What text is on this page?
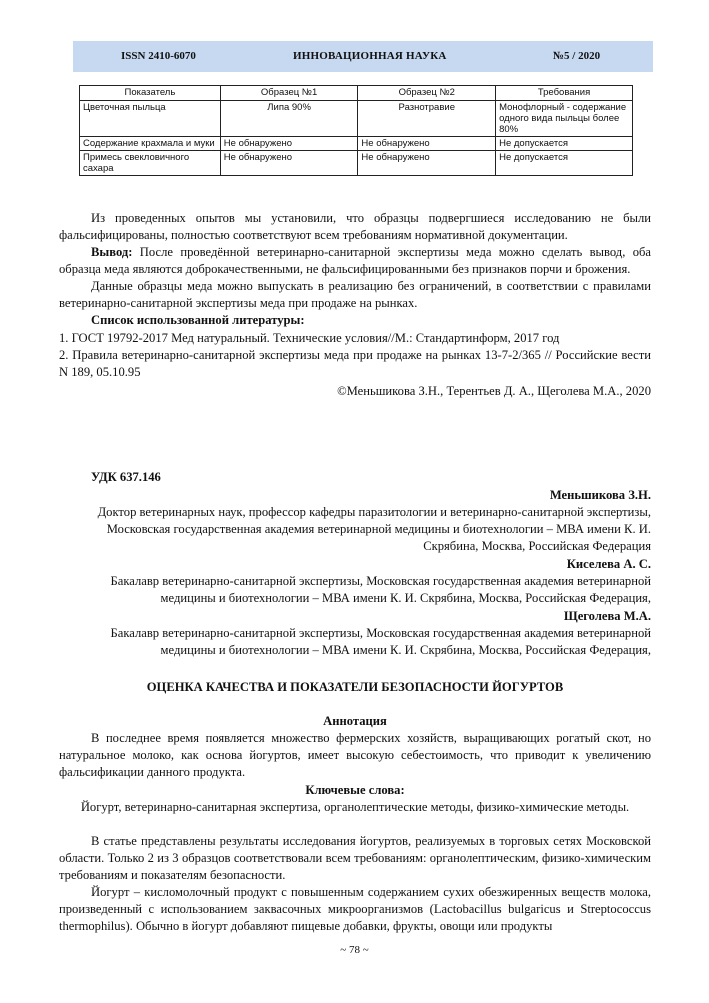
ISSN 2410-6070	ИННОВАЦИОННАЯ НАУКА	№5 / 2020
Показатель	Образец №1	Образец №2	Требования
Цветочная пыльца	Липа 90%	Разнотравие	Монофлорный - содержание одного вида пыльцы более 80%
Содержание крахмала и муки	Не обнаружено	Не обнаружено	Не допускается
Примесь свекловичного сахара	Не обнаружено	Не обнаружено	Не допускается
Из проведенных опытов мы установили, что образцы подвергшиеся исследованию не были фальсифицированы, полностью соответствуют всем требованиям нормативной документации.
Вывод: После проведённой ветеринарно-санитарной экспертизы меда можно сделать вывод, оба образца меда являются доброкачественными, не фальсифицированными без признаков порчи и брожения.
Данные образцы меда можно выпускать в реализацию без ограничений, в соответствии с правилами ветеринарно-санитарной экспертизы меда при продаже на рынках.
Список использованной литературы:
1. ГОСТ 19792-2017 Мед натуральный. Технические условия//М.: Стандартинформ, 2017 год
2. Правила ветеринарно-санитарной экспертизы меда при продаже на рынках 13-7-2/365 // Российские вести N 189, 05.10.95
©Меньшикова З.Н., Терентьев Д. А., Щеголева М.А., 2020
УДК 637.146
Меньшикова З.Н.
Доктор ветеринарных наук, профессор кафедры паразитологии и ветеринарно-санитарной экспертизы, Московская государственная академия ветеринарной медицины и биотехнологии – МВА имени К. И. Скрябина, Москва, Российская Федерация
Киселева А. С.
Бакалавр ветеринарно-санитарной экспертизы, Московская государственная академия ветеринарной медицины и биотехнологии – МВА имени К. И. Скрябина, Москва, Российская Федерация,
Щеголева М.А.
Бакалавр ветеринарно-санитарной экспертизы, Московская государственная академия ветеринарной медицины и биотехнологии – МВА имени К. И. Скрябина, Москва, Российская Федерация,
ОЦЕНКА КАЧЕСТВА И ПОКАЗАТЕЛИ БЕЗОПАСНОСТИ ЙОГУРТОВ
Аннотация
В последнее время появляется множество фермерских хозяйств, выращивающих рогатый скот, но натуральное молоко, как основа йогуртов, имеет высокую себестоимость, что приводит к увеличению фальсификации данного продукта.
Ключевые слова:
Йогурт, ветеринарно-санитарная экспертиза, органолептические методы, физико-химические методы.
В статье представлены результаты исследования йогуртов, реализуемых в торговых сетях Московской области. Только 2 из 3 образцов соответствовали всем требованиям: органолептическим, физико-химическим требованиям и показателям безопасности.
Йогурт – кисломолочный продукт с повышенным содержанием сухих обезжиренных веществ молока, произведенный с использованием заквасочных микроорганизмов (Lactobacillus bulgaricus и Streptococcus thermophilus). Обычно в йогурт добавляют пищевые добавки, фрукты, овощи или продукты
~ 78 ~
